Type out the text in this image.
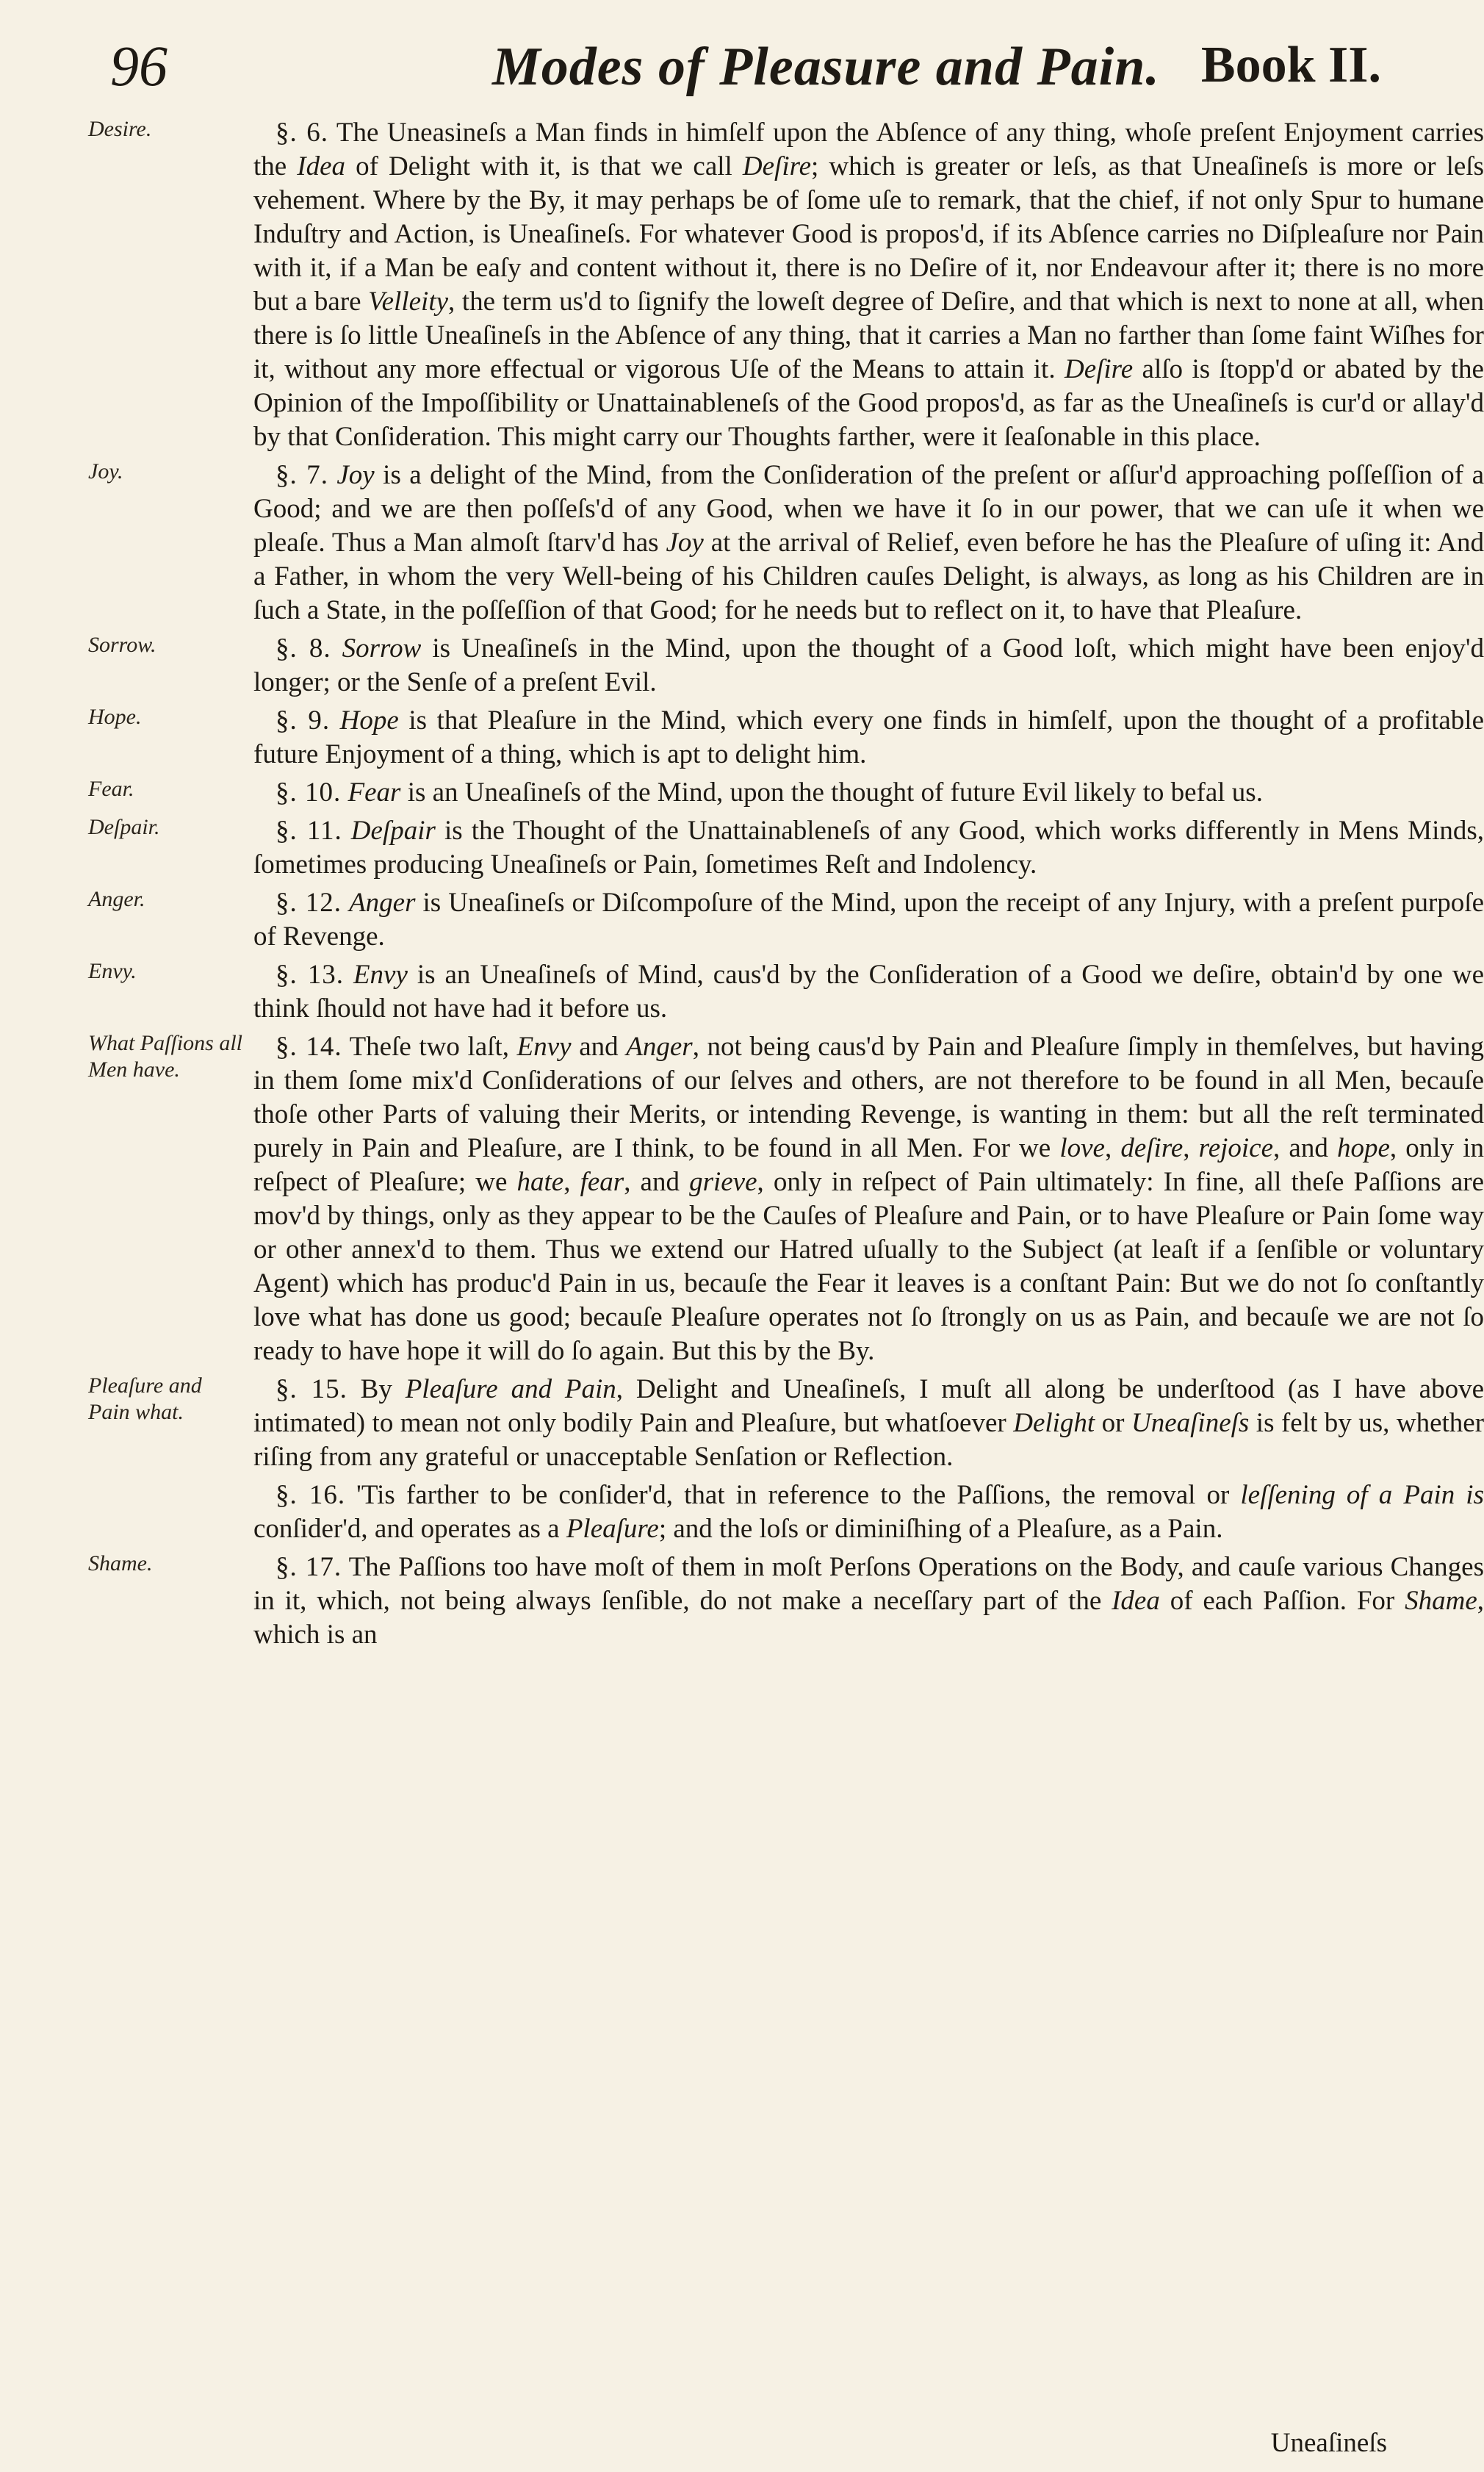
96	Modes of Pleasure and Pain. Book II.
Desire.	§. 6. The Uneasineſs a Man finds in himſelf upon the Abſence of any thing, whoſe preſent Enjoyment carries the Idea of Delight with it, is that we call Deſire; which is greater or leſs, as that Uneaſineſs is more or leſs vehement. Where by the By, it may perhaps be of ſome uſe to remark, that the chief, if not only Spur to humane Induſtry and Action, is Uneaſineſs. For whatever Good is propos'd, if its Abſence carries no Diſpleaſure nor Pain with it, if a Man be eaſy and content without it, there is no Deſire of it, nor Endeavour after it; there is no more but a bare Velleity, the term us'd to ſignify the loweſt degree of Deſire, and that which is next to none at all, when there is ſo little Uneaſineſs in the Abſence of any thing, that it carries a Man no farther than ſome faint Wiſhes for it, without any more effectual or vigorous Uſe of the Means to attain it. Deſire alſo is ſtopp'd or abated by the Opinion of the Impoſſibility or Unattainableneſs of the Good propos'd, as far as the Uneaſineſs is cur'd or allay'd by that Conſideration. This might carry our Thoughts farther, were it ſeaſonable in this place.
Joy.	§. 7. Joy is a delight of the Mind, from the Conſideration of the preſent or aſſur'd approaching poſſeſſion of a Good; and we are then poſſeſs'd of any Good, when we have it ſo in our power, that we can uſe it when we pleaſe. Thus a Man almoſt ſtarv'd has Joy at the arrival of Relief, even before he has the Pleaſure of uſing it: And a Father, in whom the very Well-being of his Children cauſes Delight, is always, as long as his Children are in ſuch a State, in the poſſeſſion of that Good; for he needs but to reflect on it, to have that Pleaſure.
Sorrow.	§. 8. Sorrow is Uneaſineſs in the Mind, upon the thought of a Good loſt, which might have been enjoy'd longer; or the Senſe of a preſent Evil.
Hope.	§. 9. Hope is that Pleaſure in the Mind, which every one finds in himſelf, upon the thought of a profitable future Enjoyment of a thing, which is apt to delight him.
Fear.	§. 10. Fear is an Uneaſineſs of the Mind, upon the thought of future Evil likely to befal us.
Deſpair.	§. 11. Deſpair is the Thought of the Unattainableneſs of any Good, which works differently in Mens Minds, ſometimes producing Uneaſineſs or Pain, ſometimes Reſt and Indolency.
Anger.	§. 12. Anger is Uneaſineſs or Diſcompoſure of the Mind, upon the receipt of any Injury, with a preſent purpoſe of Revenge.
Envy.	§. 13. Envy is an Uneaſineſs of Mind, caus'd by the Conſideration of a Good we deſire, obtain'd by one we think ſhould not have had it before us.
What Paſſions all Men have.
§. 14. Theſe two laſt, Envy and Anger, not being caus'd by Pain and Pleaſure ſimply in themſelves, but having in them ſome mix'd Conſiderations of our ſelves and others, are not therefore to be found in all Men, becauſe thoſe other Parts of valuing their Merits, or intending Revenge, is wanting in them: but all the reſt terminated purely in Pain and Pleaſure, are I think, to be found in all Men. For we love, deſire, rejoice, and hope, only in reſpect of Pleaſure; we hate, fear, and grieve, only in reſpect of Pain ultimately: In fine, all theſe Paſſions are mov'd by things, only as they appear to be the Cauſes of Pleaſure and Pain, or to have Pleaſure or Pain ſome way or other annex'd to them. Thus we extend our Hatred uſually to the Subject (at leaſt if a ſenſible or voluntary Agent) which has produc'd Pain in us, becauſe the Fear it leaves is a conſtant Pain: But we do not ſo conſtantly love what has done us good; becauſe Pleaſure operates not ſo ſtrongly on us as Pain, and becauſe we are not ſo ready to have hope it will do ſo again. But this by the By.
Pleaſure and Pain what.
§. 15. By Pleaſure and Pain, Delight and Uneaſineſs, I muſt all along be underſtood (as I have above intimated) to mean not only bodily Pain and Pleaſure, but whatſoever Delight or Uneaſineſs is felt by us, whether riſing from any grateful or unacceptable Senſation or Reflection.
§. 16. 'Tis farther to be conſider'd, that in reference to the Paſſions, the removal or leſſening of a Pain is conſider'd, and operates as a Pleaſure; and the loſs or diminiſhing of a Pleaſure, as a Pain.
Shame.	§. 17. The Paſſions too have moſt of them in moſt Perſons Operations on the Body, and cauſe various Changes in it, which, not being always ſenſible, do not make a neceſſary part of the Idea of each Paſſion. For Shame, which is an
Uneaſineſs
